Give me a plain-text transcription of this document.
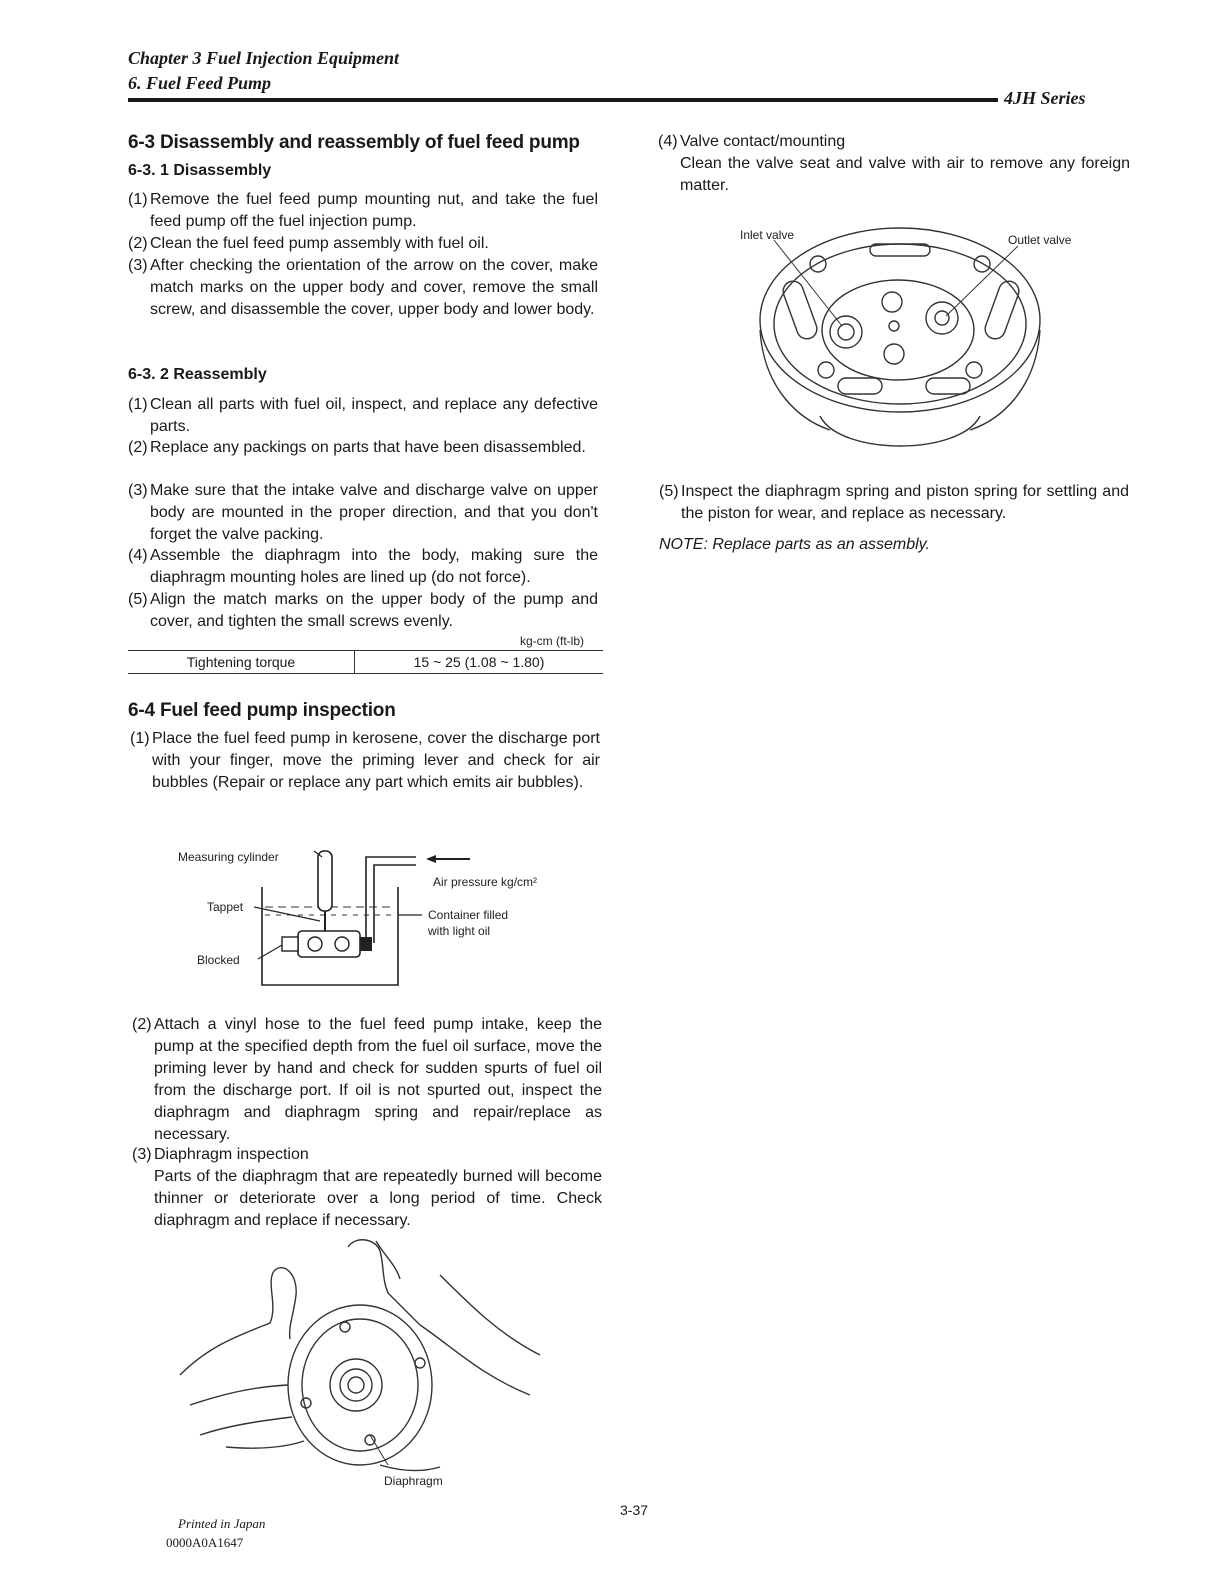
Chapter 3 Fuel Injection Equipment
6. Fuel Feed Pump
4JH Series
6-3 Disassembly and reassembly of fuel feed pump
6-3. 1 Disassembly
(1) Remove the fuel feed pump mounting nut, and take the fuel feed pump off the fuel injection pump.
(2) Clean the fuel feed pump assembly with fuel oil.
(3) After checking the orientation of the arrow on the cover, make match marks on the upper body and cover, remove the small screw, and disassemble the cover, upper body and lower body.
6-3. 2 Reassembly
(1) Clean all parts with fuel oil, inspect, and replace any defective parts.
(2) Replace any packings on parts that have been disassembled.
(3) Make sure that the intake valve and discharge valve on upper body are mounted in the proper direction, and that you don't forget the valve packing.
(4) Assemble the diaphragm into the body, making sure the diaphragm mounting holes are lined up (do not force).
(5) Align the match marks on the upper body of the pump and cover, and tighten the small screws evenly.
kg-cm (ft-lb)
Tightening torque	15 ~ 25 (1.08 ~ 1.80)
6-4 Fuel feed pump inspection
(1) Place the fuel feed pump in kerosene, cover the discharge port with your finger, move the priming lever and check for air bubbles (Repair or replace any part which emits air bubbles).
Measuring cylinder
Air pressure kg/cm²
Tappet
Container filled
with light oil
Blocked
(2) Attach a vinyl hose to the fuel feed pump intake, keep the pump at the specified depth from the fuel oil surface, move the priming lever by hand and check for sudden spurts of fuel oil from the discharge port. If oil is not spurted out, inspect the diaphragm and diaphragm spring and repair/replace as necessary.
(3) Diaphragm inspection
Parts of the diaphragm that are repeatedly burned will become thinner or deteriorate over a long period of time. Check diaphragm and replace if necessary.
Diaphragm
(4) Valve contact/mounting
Clean the valve seat and valve with air to remove any foreign matter.
Inlet valve	Outlet valve
(5) Inspect the diaphragm spring and piston spring for settling and the piston for wear, and replace as necessary.
NOTE: Replace parts as an assembly.
Printed in Japan
0000A0A1647
3-37
